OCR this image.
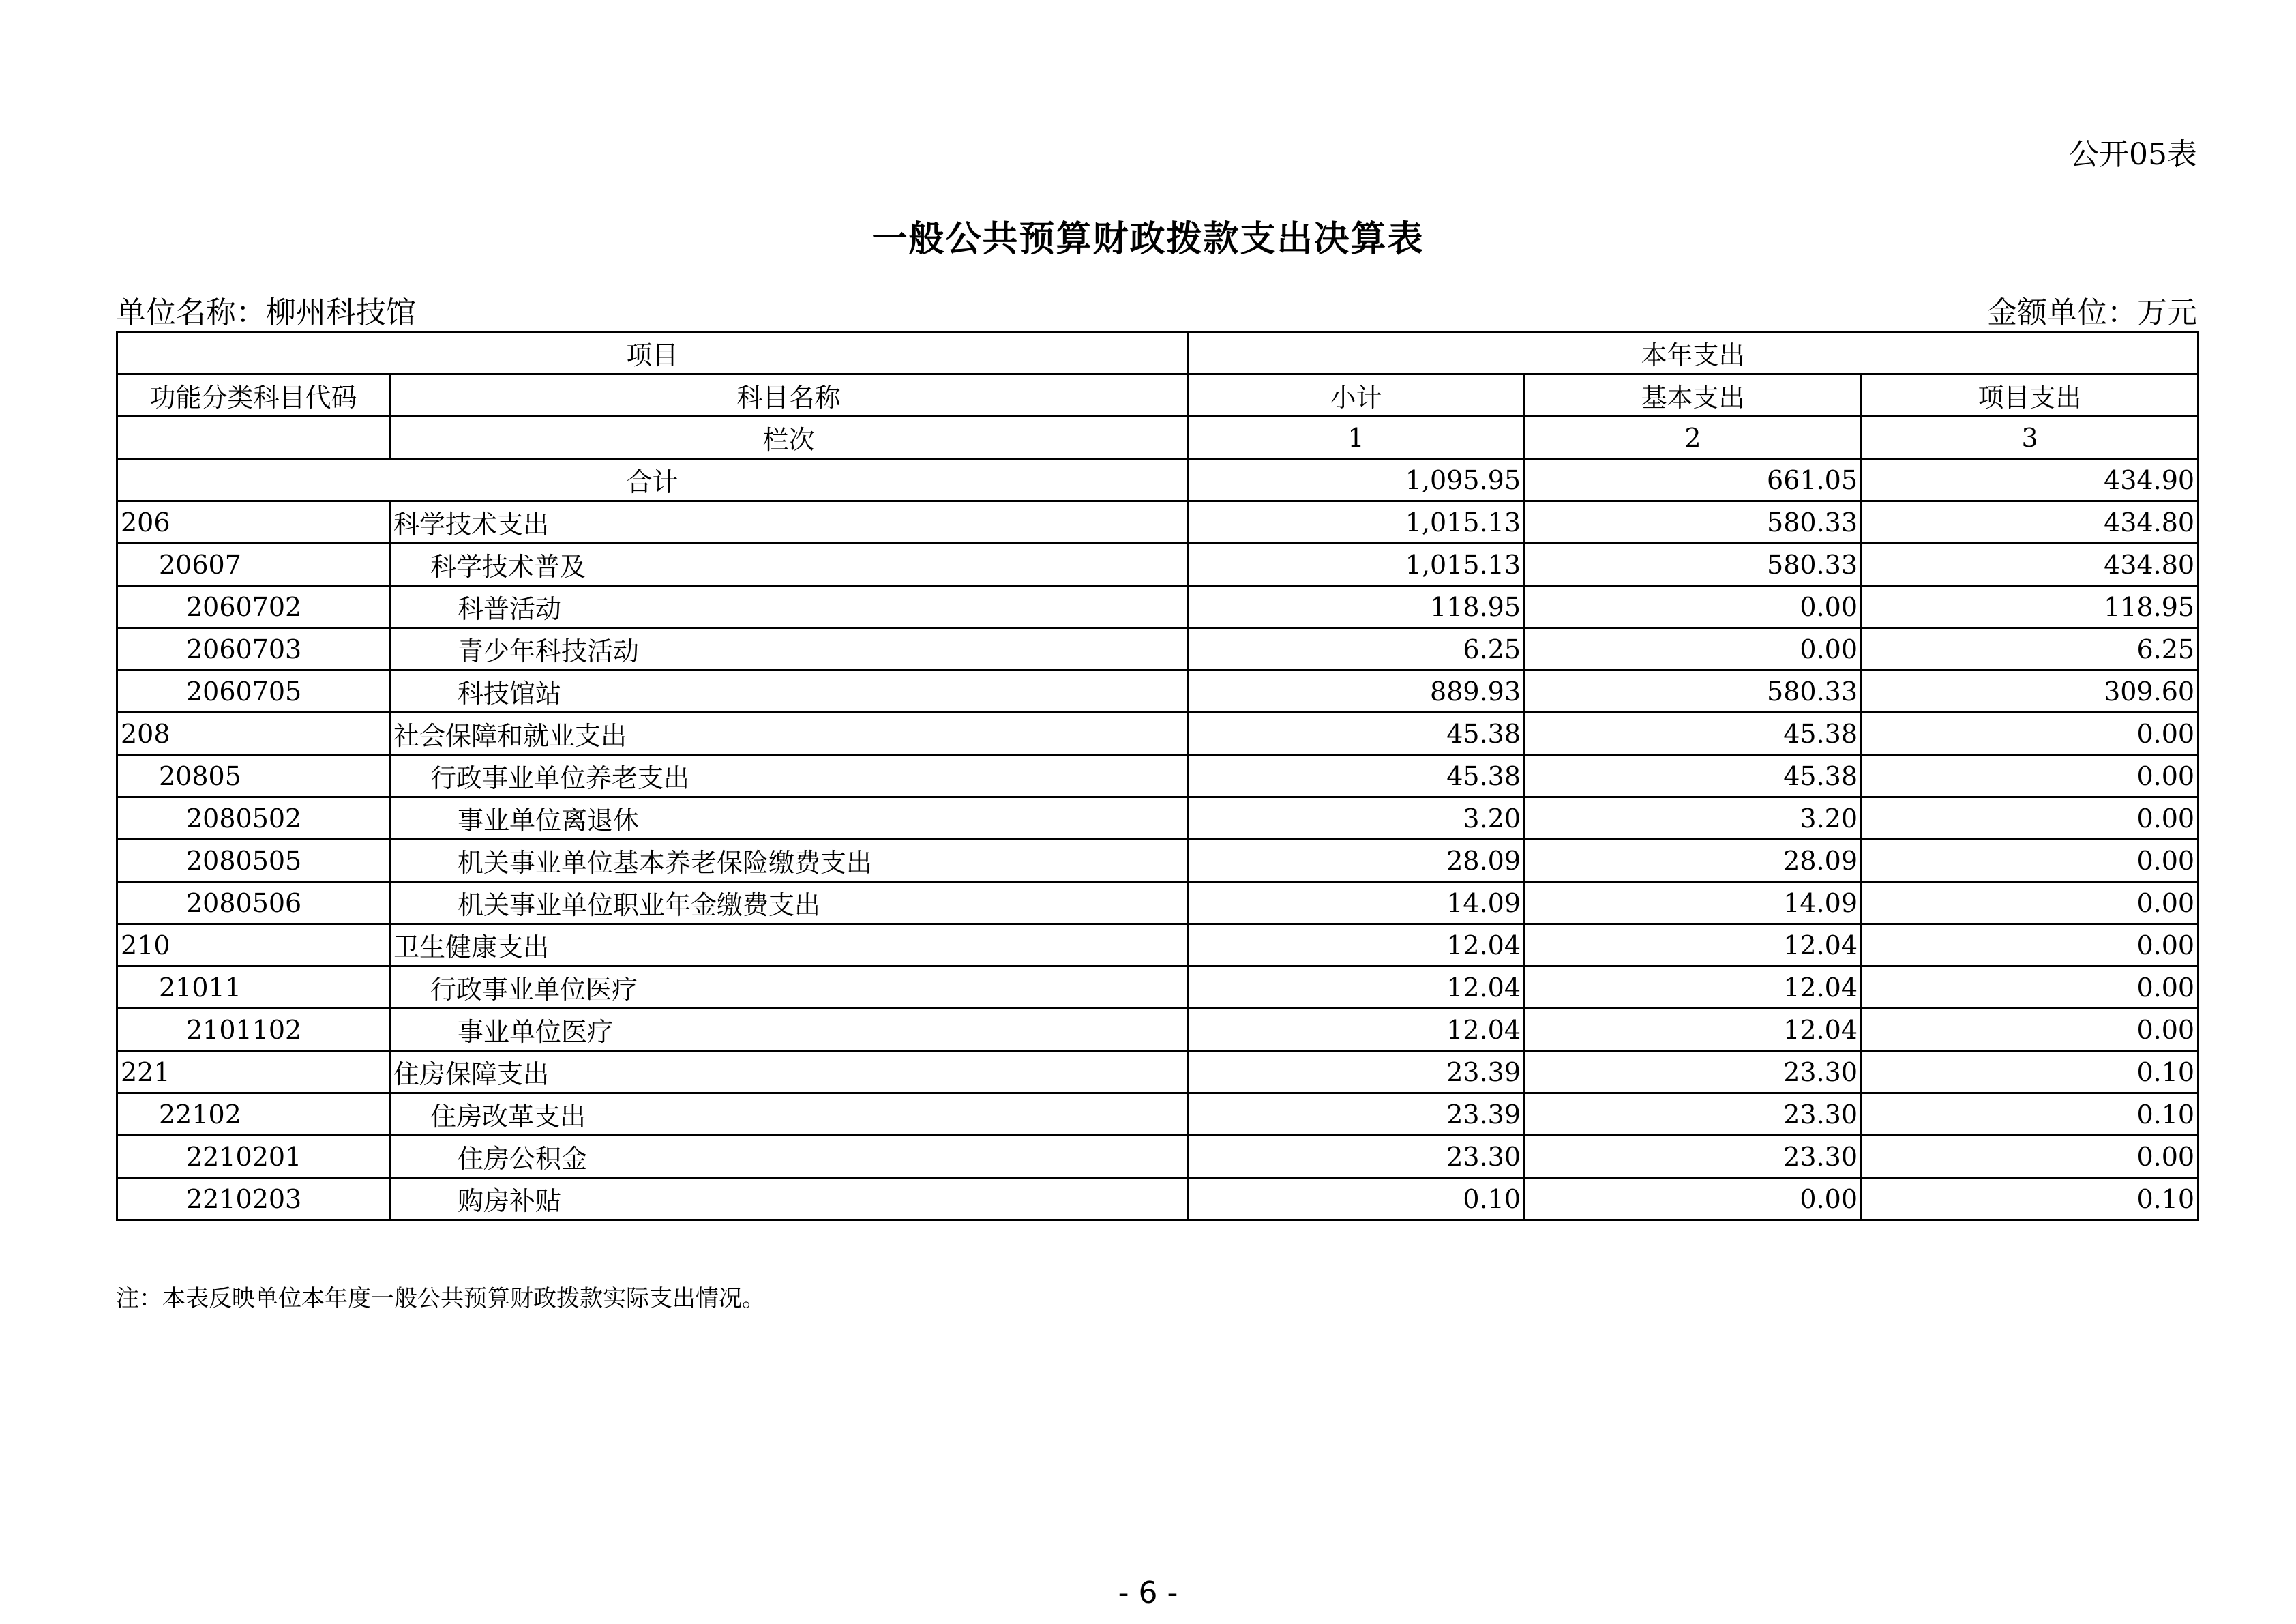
公开05表
一般公共预算财政拨款支出决算表
单位名称：柳州科技馆	金额单位：万元
项目		本年支出		
功能分类科目代码	科目名称	小计	基本支出	项目支出
	栏次	1	2	3
合计		1,095.95	661.05	434.90
206	科学技术支出	1,015.13	580.33	434.80
20607	科学技术普及	1,015.13	580.33	434.80
2060702	科普活动	118.95	0.00	118.95
2060703	青少年科技活动	6.25	0.00	6.25
2060705	科技馆站	889.93	580.33	309.60
208	社会保障和就业支出	45.38	45.38	0.00
20805	行政事业单位养老支出	45.38	45.38	0.00
2080502	事业单位离退休	3.20	3.20	0.00
2080505	机关事业单位基本养老保险缴费支出	28.09	28.09	0.00
2080506	机关事业单位职业年金缴费支出	14.09	14.09	0.00
210	卫生健康支出	12.04	12.04	0.00
21011	行政事业单位医疗	12.04	12.04	0.00
2101102	事业单位医疗	12.04	12.04	0.00
221	住房保障支出	23.39	23.30	0.10
22102	住房改革支出	23.39	23.30	0.10
2210201	住房公积金	23.30	23.30	0.00
2210203	购房补贴	0.10	0.00	0.10
注：本表反映单位本年度一般公共预算财政拨款实际支出情况。
- 6 -
